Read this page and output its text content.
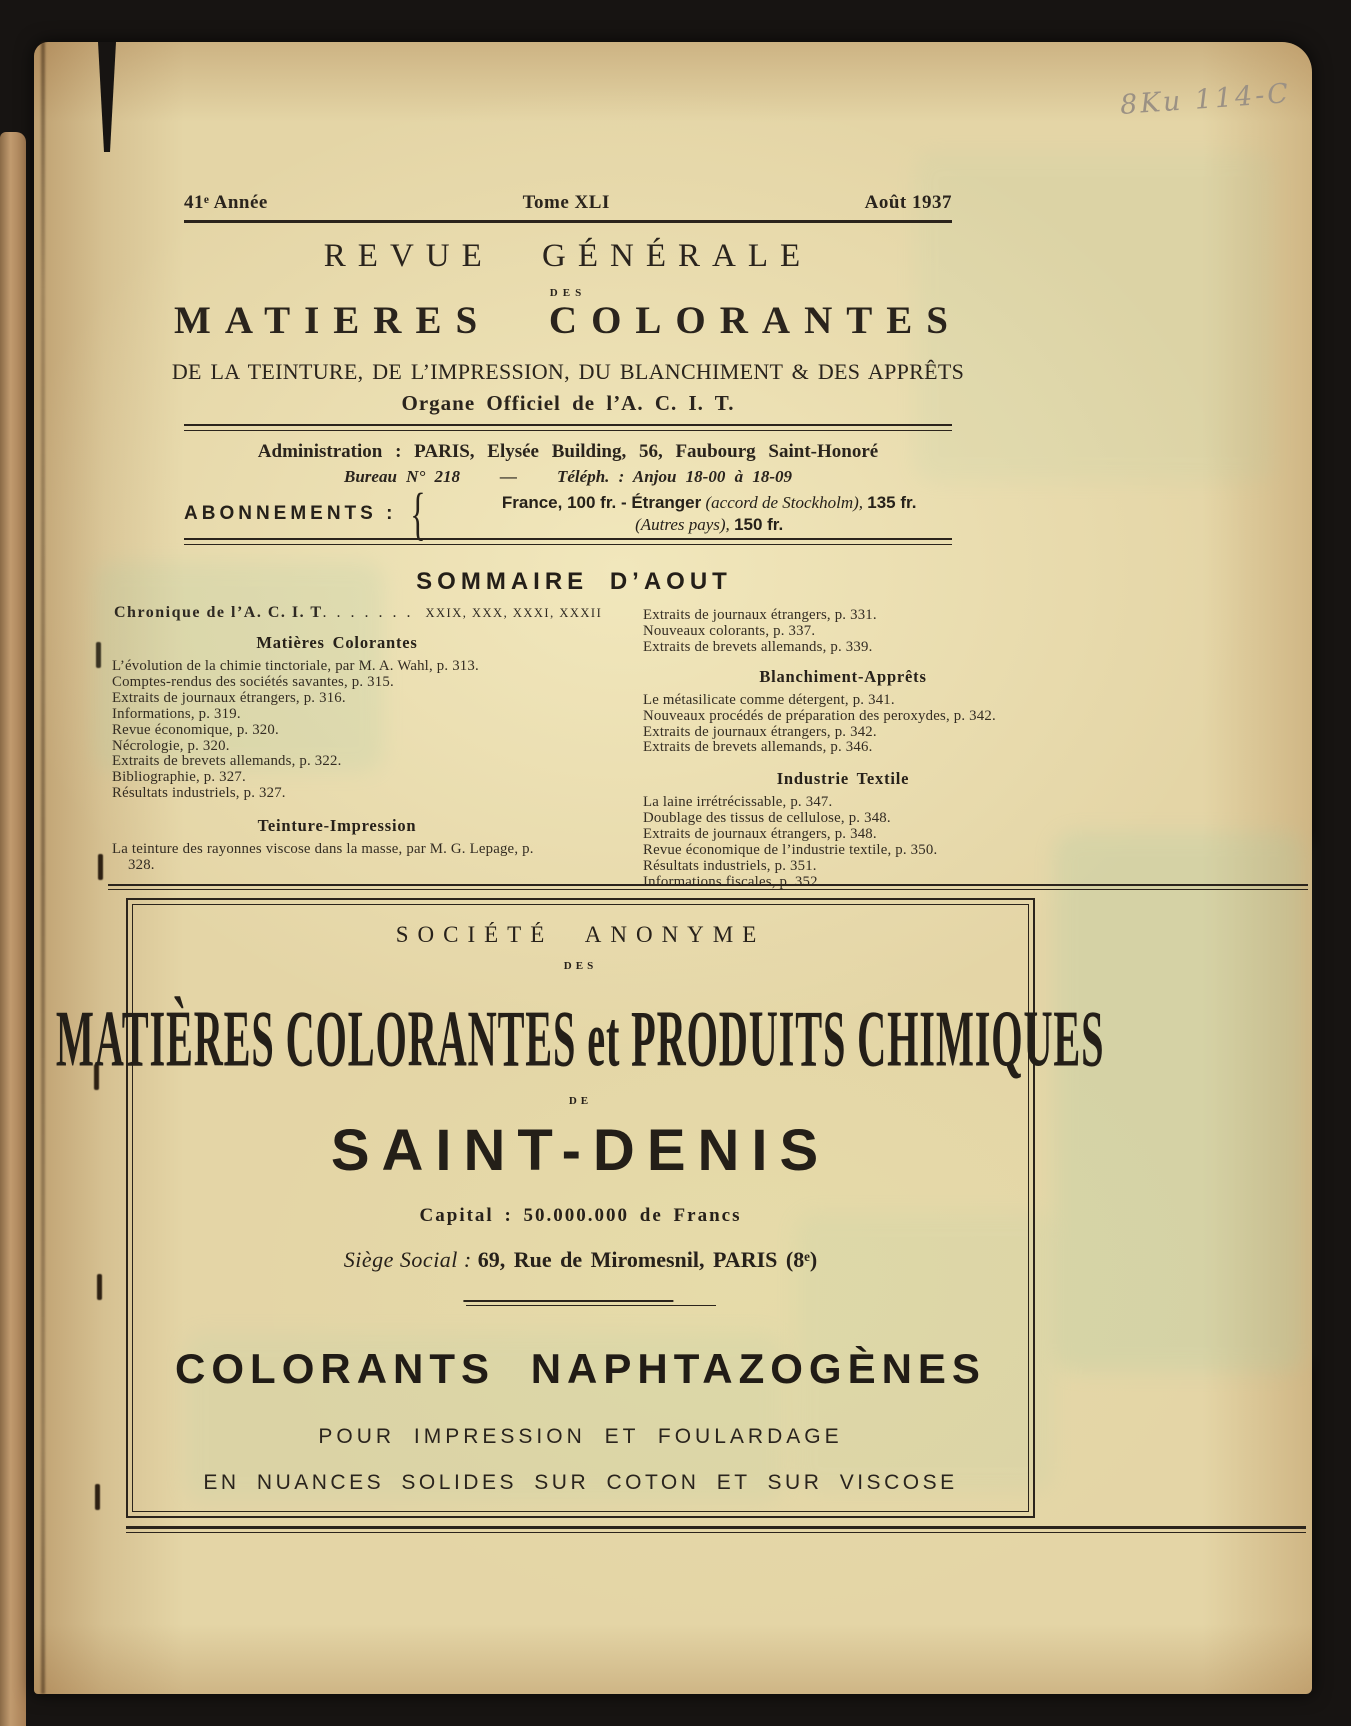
8Ku 114-C
41ᵉ Année	Tome XLI	Août 1937
REVUE GÉNÉRALE
DES
MATIERES COLORANTES
DE LA TEINTURE, DE L’IMPRESSION, DU BLANCHIMENT & DES APPRÊTS
Organe Officiel de l’A. C. I. T.
Administration : PARIS, Elysée Building, 56, Faubourg Saint-Honoré
Bureau N° 218 — Téléph. : Anjou 18-00 à 18-09
ABONNEMENTS : {	France, 100 fr. - Étranger (accord de Stockholm), 135 fr.
(Autres pays), 150 fr.
SOMMAIRE D’AOUT
Chronique de l’A. C. I. T. . . . . . . XXIX, XXX, XXXI, XXXII
Matières Colorantes
L’évolution de la chimie tinctoriale, par M. A. Wahl, p. 313.
Comptes-rendus des sociétés savantes, p. 315.
Extraits de journaux étrangers, p. 316.
Informations, p. 319.
Revue économique, p. 320.
Nécrologie, p. 320.
Extraits de brevets allemands, p. 322.
Bibliographie, p. 327.
Résultats industriels, p. 327.
Teinture-Impression
La teinture des rayonnes viscose dans la masse, par M. G. Lepage, p. 328.
Extraits de journaux étrangers, p. 331.
Nouveaux colorants, p. 337.
Extraits de brevets allemands, p. 339.
Blanchiment-Apprêts
Le métasilicate comme détergent, p. 341.
Nouveaux procédés de préparation des peroxydes, p. 342.
Extraits de journaux étrangers, p. 342.
Extraits de brevets allemands, p. 346.
Industrie Textile
La laine irrétrécissable, p. 347.
Doublage des tissus de cellulose, p. 348.
Extraits de journaux étrangers, p. 348.
Revue économique de l’industrie textile, p. 350.
Résultats industriels, p. 351.
Informations fiscales, p. 352.
SOCIÉTÉ ANONYME
DES
MATIÈRES COLORANTES et PRODUITS CHIMIQUES
DE
SAINT-DENIS
Capital : 50.000.000 de Francs
Siège Social : 69, Rue de Miromesnil, PARIS (8ᵉ)
COLORANTS NAPHTAZOGÈNES
POUR IMPRESSION ET FOULARDAGE
EN NUANCES SOLIDES SUR COTON ET SUR VISCOSE
